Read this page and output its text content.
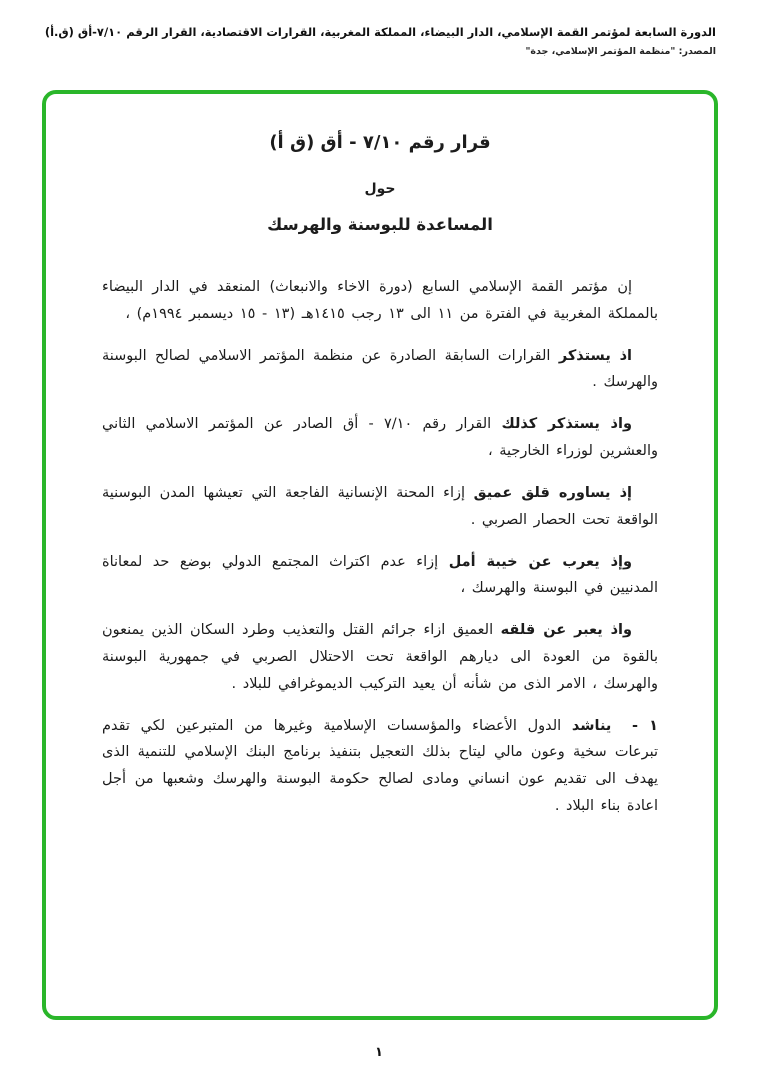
الدورة السابعة لمؤتمر القمة الإسلامي، الدار البيضاء، المملكة المغربية، القرارات الاقتصادية، القرار الرقم ٧/١٠-أق (ق.أ)
المصدر: "منظمة المؤتمر الإسلامي، جدة"
قرار رقم ٧/١٠ - أق (ق أ)
حول
المساعدة للبوسنة والهرسك

إن مؤتمر القمة الإسلامي السابع (دورة الاخاء والانبعاث) المنعقد في الدار البيضاء بالمملكة المغربية في الفترة من ١١ الى ١٣ رجب ١٤١٥هـ (١٣ - ١٥ ديسمبر ١٩٩٤م) ،

اذ يستذكر القرارات السابقة الصادرة عن منظمة المؤتمر الاسلامي لصالح البوسنة والهرسك .

واذ يستذكر كذلك القرار رقم ٧/١٠ - أق الصادر عن المؤتمر الاسلامي الثاني والعشرين لوزراء الخارجية ،

إذ يساوره قلق عميق إزاء المحنة الإنسانية الفاجعة التي تعيشها المدن البوسنية الواقعة تحت الحصار الصربي .

وإذ يعرب عن خيبة أمل إزاء عدم اكتراث المجتمع الدولي بوضع حد لمعاناة المدنيين في البوسنة والهرسك ،

واذ يعبر عن قلقه العميق ازاء جرائم القتل والتعذيب وطرد السكان الذين يمنعون بالقوة من العودة الى ديارهم الواقعة تحت الاحتلال الصربي في جمهورية البوسنة والهرسك ، الامر الذى من شأنه أن يعيد التركيب الديموغرافي للبلاد .

١ - يناشد الدول الأعضاء والمؤسسات الإسلامية وغيرها من المتبرعين لكي تقدم تبرعات سخية وعون مالي ليتاح بذلك التعجيل بتنفيذ برنامج البنك الإسلامي للتنمية الذى يهدف الى تقديم عون انساني ومادى لصالح حكومة البوسنة والهرسك وشعبها من أجل اعادة بناء البلاد .
١
